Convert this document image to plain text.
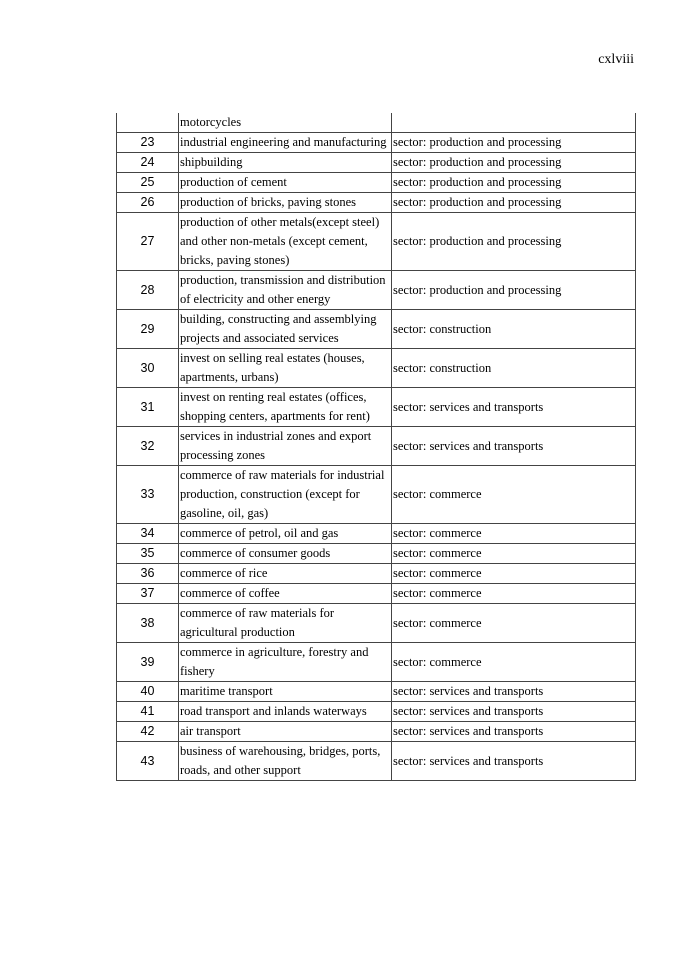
cxlviii
	motorcycles	
23	industrial engineering and manufacturing	sector: production and processing
24	shipbuilding	sector: production and processing
25	production of cement	sector: production and processing
26	production of bricks, paving stones	sector: production and processing
27	production of other metals(except steel) and other non-metals (except cement, bricks, paving stones)	sector: production and processing
28	production, transmission and distribution of electricity and other energy	sector: production and processing
29	building, constructing and assemblying projects and associated services	sector: construction
30	invest on selling real estates (houses, apartments, urbans)	sector: construction
31	invest on renting real estates (offices, shopping centers, apartments for rent)	sector: services and transports
32	services in industrial zones and export processing zones	sector: services and transports
33	commerce of raw materials for industrial production, construction (except for gasoline, oil, gas)	sector: commerce
34	commerce of petrol, oil and gas	sector: commerce
35	commerce of consumer goods	sector: commerce
36	commerce of rice	sector: commerce
37	commerce of coffee	sector: commerce
38	commerce of raw materials for agricultural production	sector: commerce
39	commerce in agriculture, forestry and fishery	sector: commerce
40	maritime transport	sector: services and transports
41	road transport and inlands waterways	sector: services and transports
42	air transport	sector: services and transports
43	business of warehousing, bridges, ports, roads, and other support	sector: services and transports
